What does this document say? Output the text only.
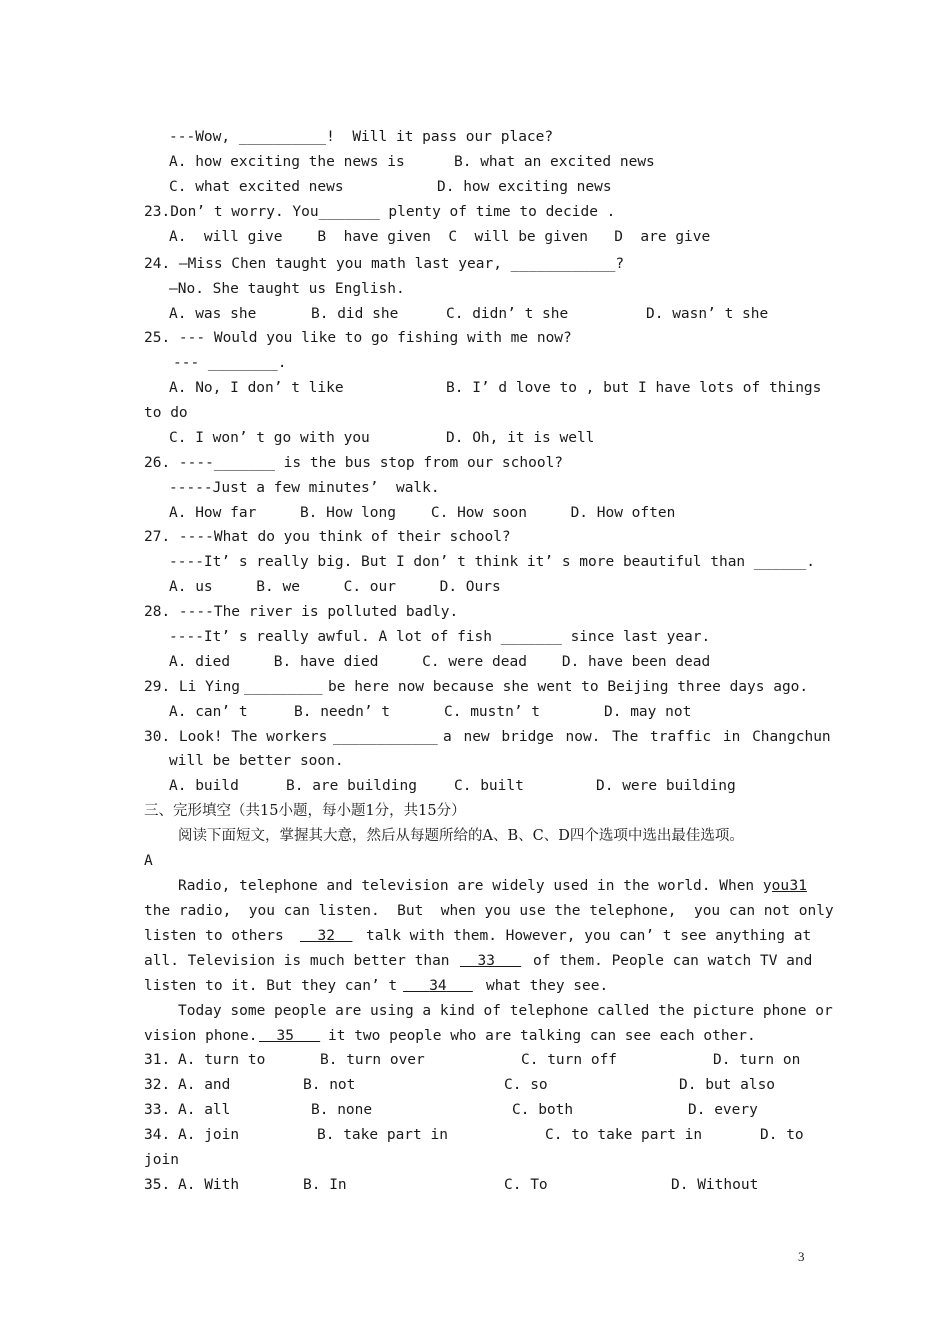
---Wow, __________!  Will it pass our place?
A. how exciting the news is	B. what an excited news
C. what excited news	D. how exciting news
23.Don’ t worry. You_______ plenty of time to decide .
A.  will give    B  have given  C  will be given   D  are give
24. —Miss Chen taught you math last year, ____________?
—No. She taught us English.
A. was she	B. did she	C. didn’ t she	D. wasn’ t she
25. --- Would you like to go fishing with me now?
--- ________.
A. No, I don’ t like	B. I’ d love to , but I have lots of things
to do
C. I won’ t go with you	D. Oh, it is well
26. ----_______ is the bus stop from our school?
-----Just a few minutes’  walk.
A. How far     B. How long    C. How soon     D. How often
27. ----What do you think of their school?
----It’ s really big. But I don’ t think it’ s more beautiful than ______.
A. us     B. we     C. our     D. Ours
28. ----The river is polluted badly.
----It’ s really awful. A lot of fish _______ since last year.
A. died     B. have died     C. were dead    D. have been dead
29. Li Ying _________ be here now because she went to Beijing three days ago.
A. can’ t	B. needn’ t	C. mustn’ t	D. may not
30. Look! The workers ____________ a new bridge now. The traffic in Changchun
will be better soon.
A. build	B. are building	C. built	D. were building
三、完形填空（共15小题，每小题1分，共15分）
阅读下面短文，掌握其大意，然后从每题所给的A、B、C、D四个选项中选出最佳选项。
A
Radio, telephone and television are widely used in the world. When you 31
the radio,  you can listen.  But  when you use the telephone,  you can not only
listen to others	32	talk with them. However, you can’ t see anything at
all. Television is much better than	33	of them. People can watch TV and
listen to it. But they can’ t	34	what they see.
Today some people are using a kind of telephone called the picture phone or
vision phone.	35	it two people who are talking can see each other.
31. A. turn to	B. turn over	C. turn off	D. turn on
32. A. and	B. not	C. so	D. but also
33. A. all	B. none	C. both	D. every
34. A. join	B. take part in	C. to take part in	D. to
join
35. A. With	B. In	C. To	D. Without
3
